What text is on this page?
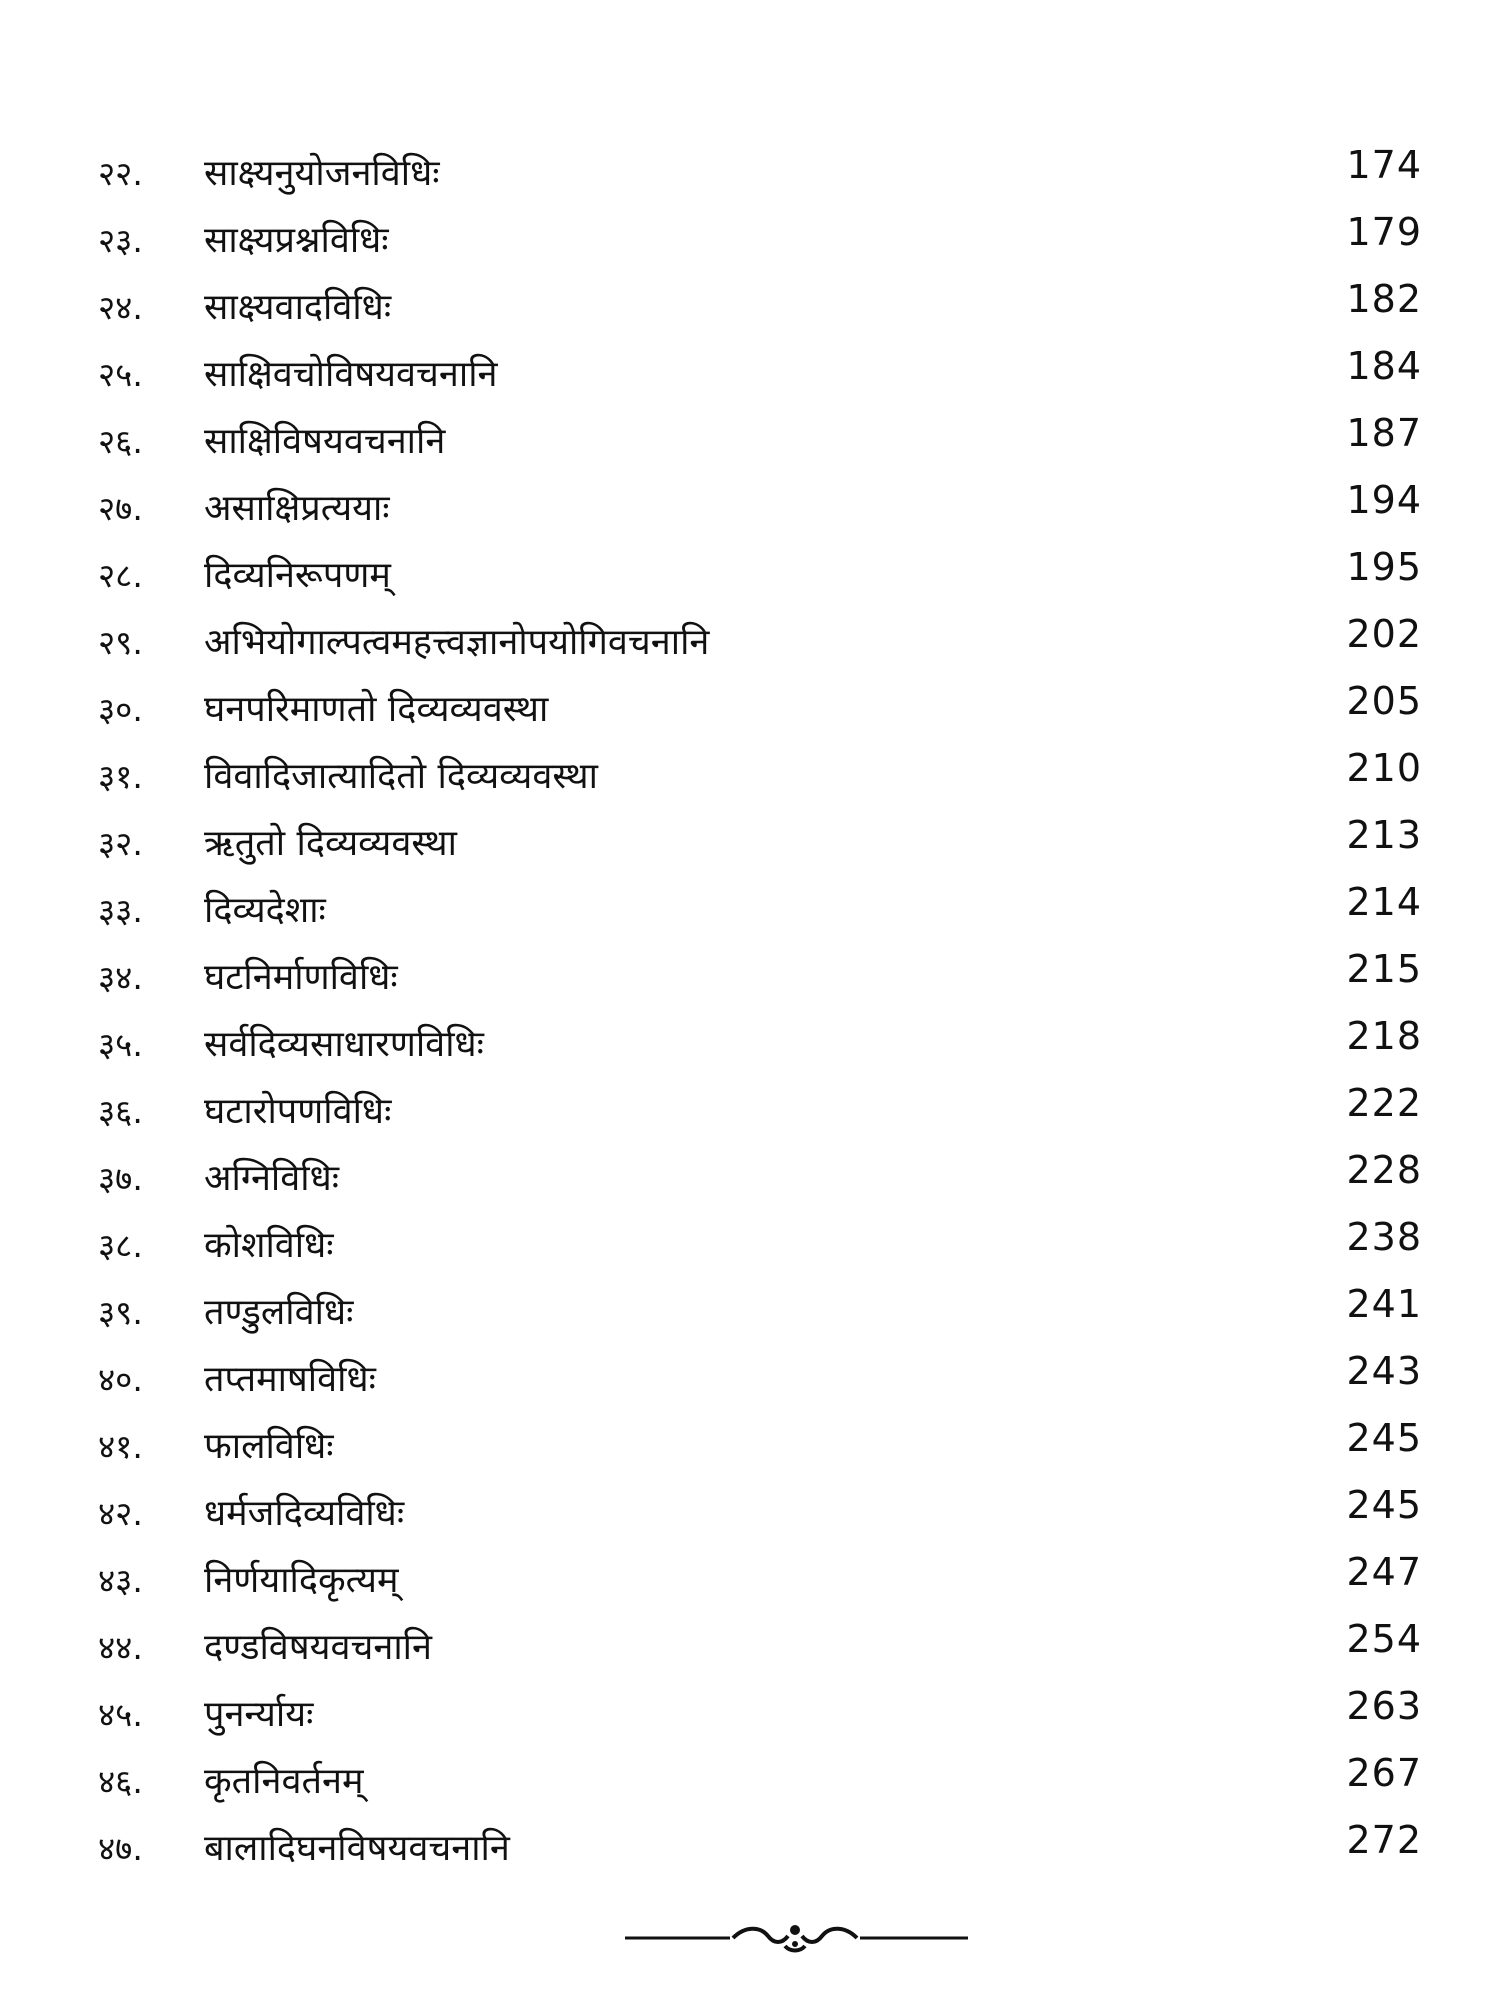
२२. साक्ष्यनुयोजनविधिः	174
२३. साक्ष्यप्रश्नविधिः	179
२४. साक्ष्यवादविधिः	182
२५. साक्षिवचोविषयवचनानि	184
२६. साक्षिविषयवचनानि	187
२७. असाक्षिप्रत्ययाः	194
२८. दिव्यनिरूपणम्	195
२९. अभियोगाल्पत्वमहत्त्वज्ञानोपयोगिवचनानि	202
३०. घनपरिमाणतो दिव्यव्यवस्था	205
३१. विवादिजात्यादितो दिव्यव्यवस्था	210
३२. ऋतुतो दिव्यव्यवस्था	213
३३. दिव्यदेशाः	214
३४. घटनिर्माणविधिः	215
३५. सर्वदिव्यसाधारणविधिः	218
३६. घटारोपणविधिः	222
३७. अग्निविधिः	228
३८. कोशविधिः	238
३९. तण्डुलविधिः	241
४०. तप्तमाषविधिः	243
४१. फालविधिः	245
४२. धर्मजदिव्यविधिः	245
४३. निर्णयादिकृत्यम्	247
४४. दण्डविषयवचनानि	254
४५. पुनर्न्यायः	263
४६. कृतनिवर्तनम्	267
४७. बालादिघनविषयवचनानि	272
